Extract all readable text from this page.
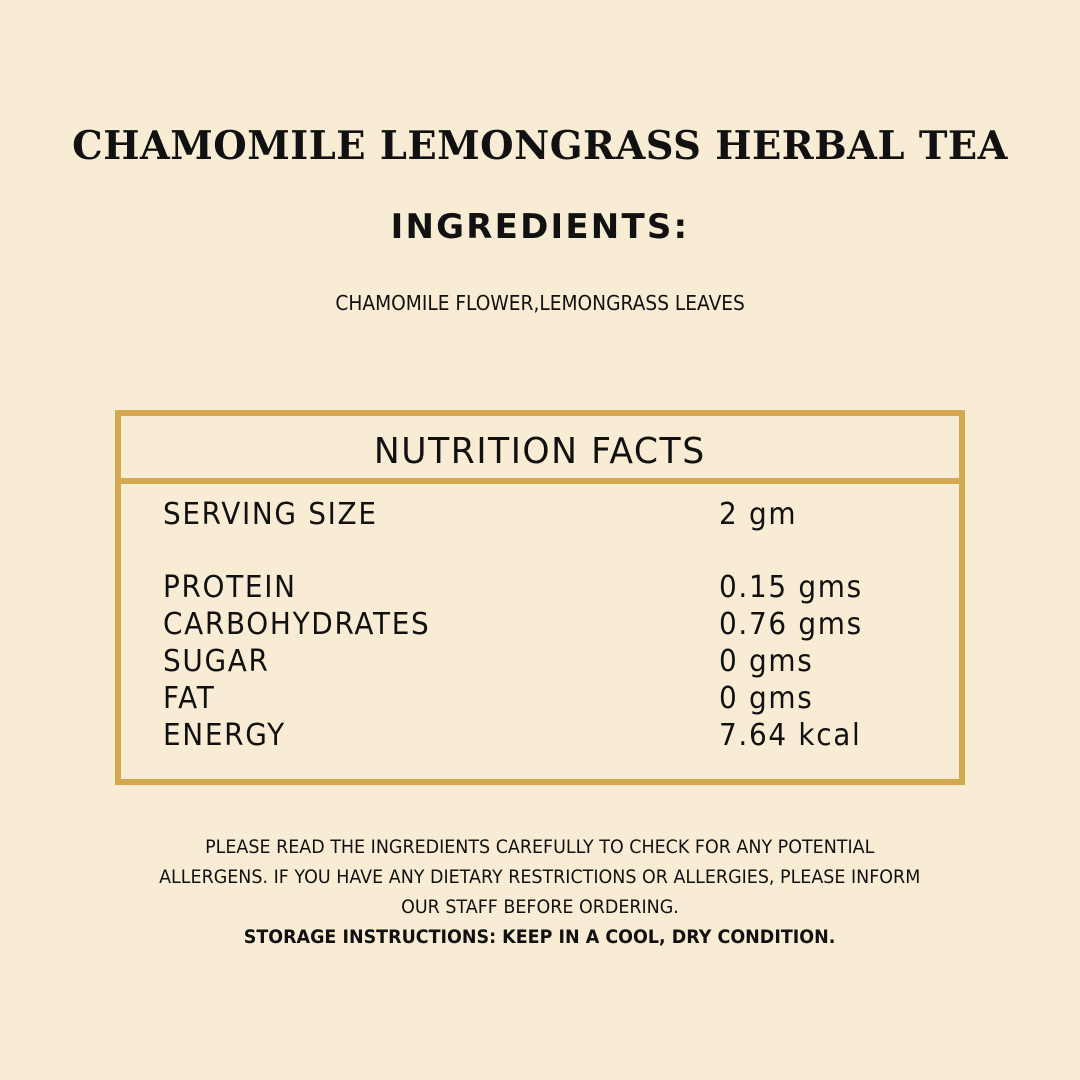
CHAMOMILE LEMONGRASS HERBAL TEA
INGREDIENTS:
CHAMOMILE FLOWER,LEMONGRASS LEAVES
NUTRITION FACTS
SERVING SIZE	2 gm
PROTEIN	0.15 gms
CARBOHYDRATES	0.76 gms
SUGAR	0 gms
FAT	0 gms
ENERGY	7.64 kcal
PLEASE READ THE INGREDIENTS CAREFULLY TO CHECK FOR ANY POTENTIAL
ALLERGENS. IF YOU HAVE ANY DIETARY RESTRICTIONS OR ALLERGIES, PLEASE INFORM
OUR STAFF BEFORE ORDERING.
STORAGE INSTRUCTIONS: KEEP IN A COOL, DRY CONDITION.
